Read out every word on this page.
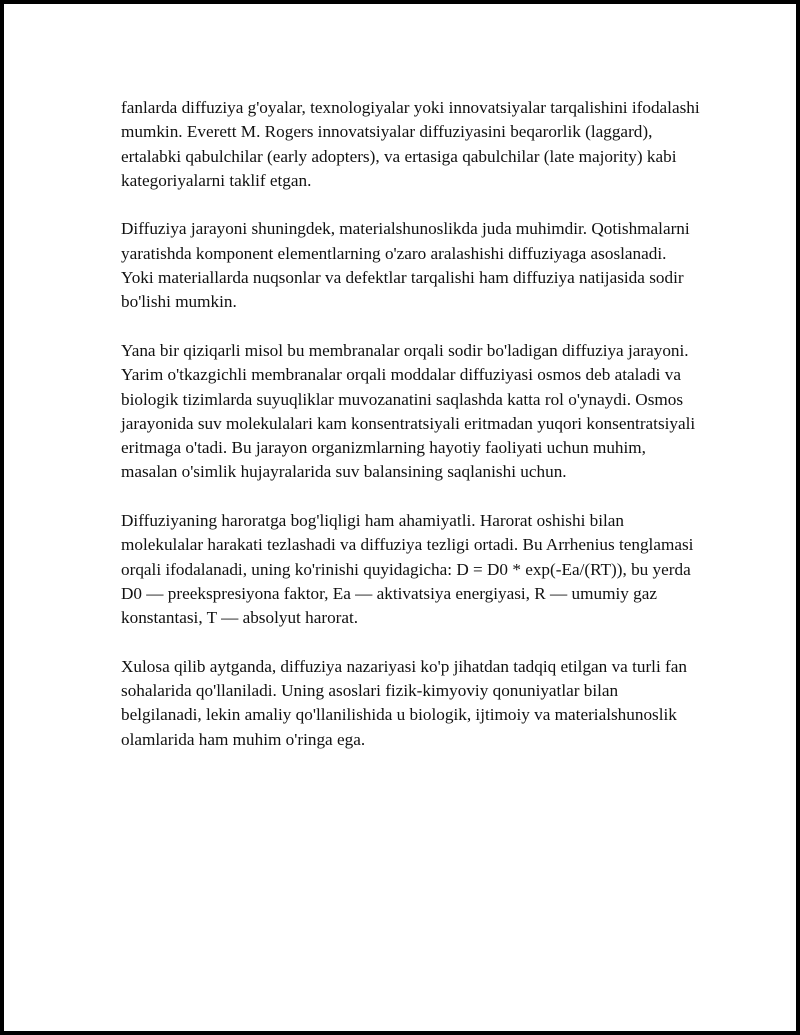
fanlarda diffuziya g'oyalar, texnologiyalar yoki innovatsiyalar tarqalishini ifodalashi mumkin. Everett M. Rogers innovatsiyalar diffuziyasini beqarorlik (laggard), ertalabki qabulchilar (early adopters), va ertasiga qabulchilar (late majority) kabi kategoriyalarni taklif etgan.

Diffuziya jarayoni shuningdek, materialshunoslikda juda muhimdir. Qotishmalarni yaratishda komponent elementlarning o'zaro aralashishi diffuziyaga asoslanadi. Yoki materiallarda nuqsonlar va defektlar tarqalishi ham diffuziya natijasida sodir bo'lishi mumkin.

Yana bir qiziqarli misol bu membranalar orqali sodir bo'ladigan diffuziya jarayoni. Yarim o'tkazgichli membranalar orqali moddalar diffuziyasi osmos deb ataladi va biologik tizimlarda suyuqliklar muvozanatini saqlashda katta rol o'ynaydi. Osmos jarayonida suv molekulalari kam konsentratsiyali eritmadan yuqori konsentratsiyali eritmaga o'tadi. Bu jarayon organizmlarning hayotiy faoliyati uchun muhim, masalan o'simlik hujayralarida suv balansining saqlanishi uchun.

Diffuziyaning haroratga bog'liqligi ham ahamiyatli. Harorat oshishi bilan molekulalar harakati tezlashadi va diffuziya tezligi ortadi. Bu Arrhenius tenglamasi orqali ifodalanadi, uning ko'rinishi quyidagicha: D = D0 * exp(-Ea/(RT)), bu yerda D0 — preekspresiyona faktor, Ea — aktivatsiya energiyasi, R — umumiy gaz konstantasi, T — absolyut harorat.

Xulosa qilib aytganda, diffuziya nazariyasi ko'p jihatdan tadqiq etilgan va turli fan sohalarida qo'llaniladi. Uning asoslari fizik-kimyoviy qonuniyatlar bilan belgilanadi, lekin amaliy qo'llanilishida u biologik, ijtimoiy va materialshunoslik olamlarida ham muhim o'ringa ega.
